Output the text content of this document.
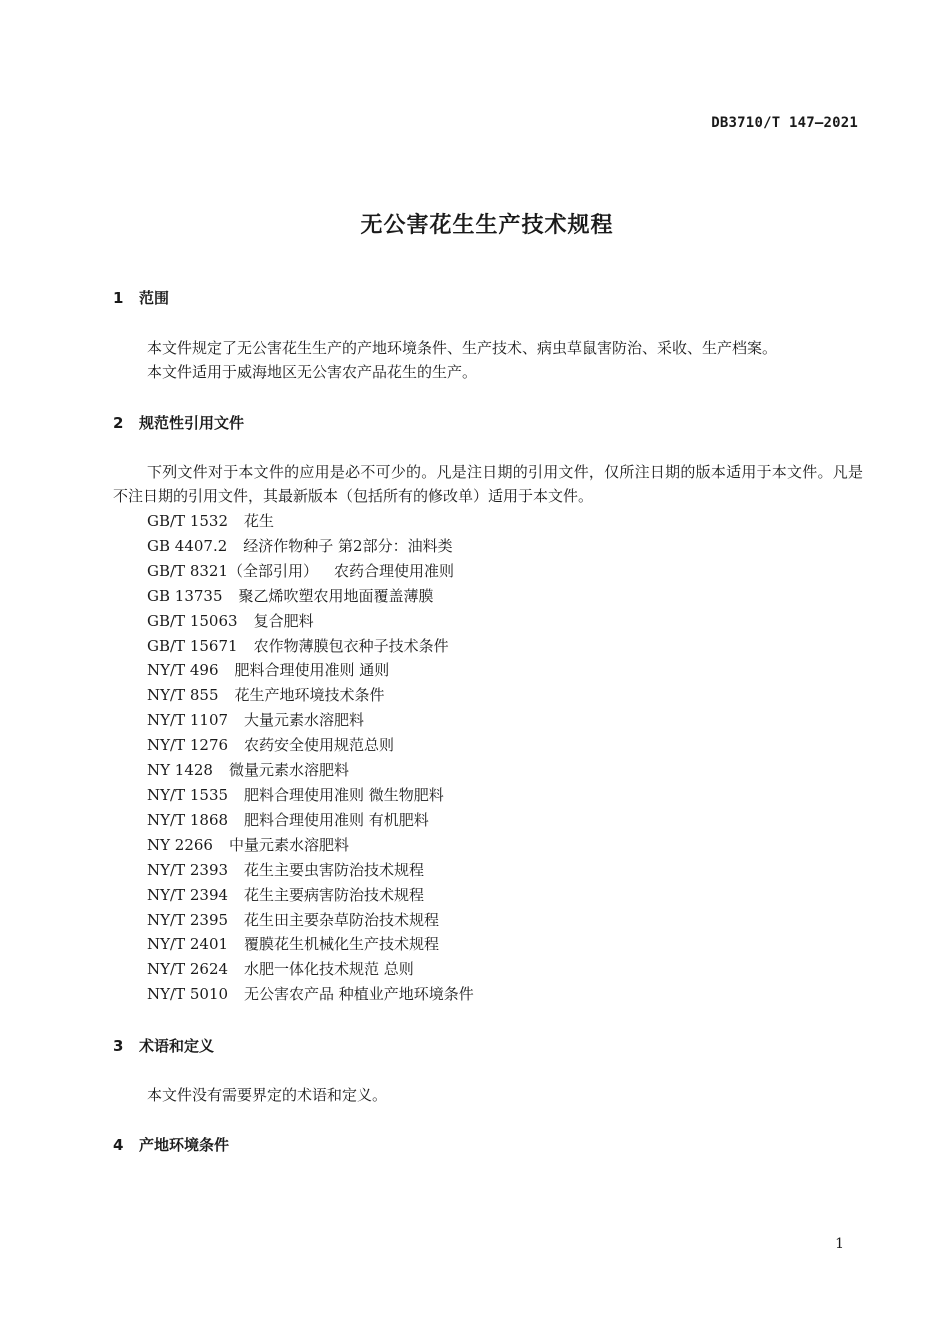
DB3710/T 147—2021
无公害花生生产技术规程
1 范围

本文件规定了无公害花生生产的产地环境条件、生产技术、病虫草鼠害防治、采收、生产档案。

本文件适用于威海地区无公害农产品花生的生产。

2 规范性引用文件

下列文件对于本文件的应用是必不可少的。凡是注日期的引用文件，仅所注日期的版本适用于本文件。凡是不注日期的引用文件，其最新版本（包括所有的修改单）适用于本文件。

GB/T 1532 花生
GB 4407.2 经济作物种子 第2部分：油料类
GB/T 8321（全部引用） 农药合理使用准则
GB 13735 聚乙烯吹塑农用地面覆盖薄膜
GB/T 15063 复合肥料
GB/T 15671 农作物薄膜包衣种子技术条件
NY/T 496 肥料合理使用准则 通则
NY/T 855 花生产地环境技术条件
NY/T 1107 大量元素水溶肥料
NY/T 1276 农药安全使用规范总则
NY 1428 微量元素水溶肥料
NY/T 1535 肥料合理使用准则 微生物肥料
NY/T 1868 肥料合理使用准则 有机肥料
NY 2266 中量元素水溶肥料
NY/T 2393 花生主要虫害防治技术规程
NY/T 2394 花生主要病害防治技术规程
NY/T 2395 花生田主要杂草防治技术规程
NY/T 2401 覆膜花生机械化生产技术规程
NY/T 2624 水肥一体化技术规范 总则
NY/T 5010 无公害农产品 种植业产地环境条件
3 术语和定义

本文件没有需要界定的术语和定义。

4 产地环境条件
1
